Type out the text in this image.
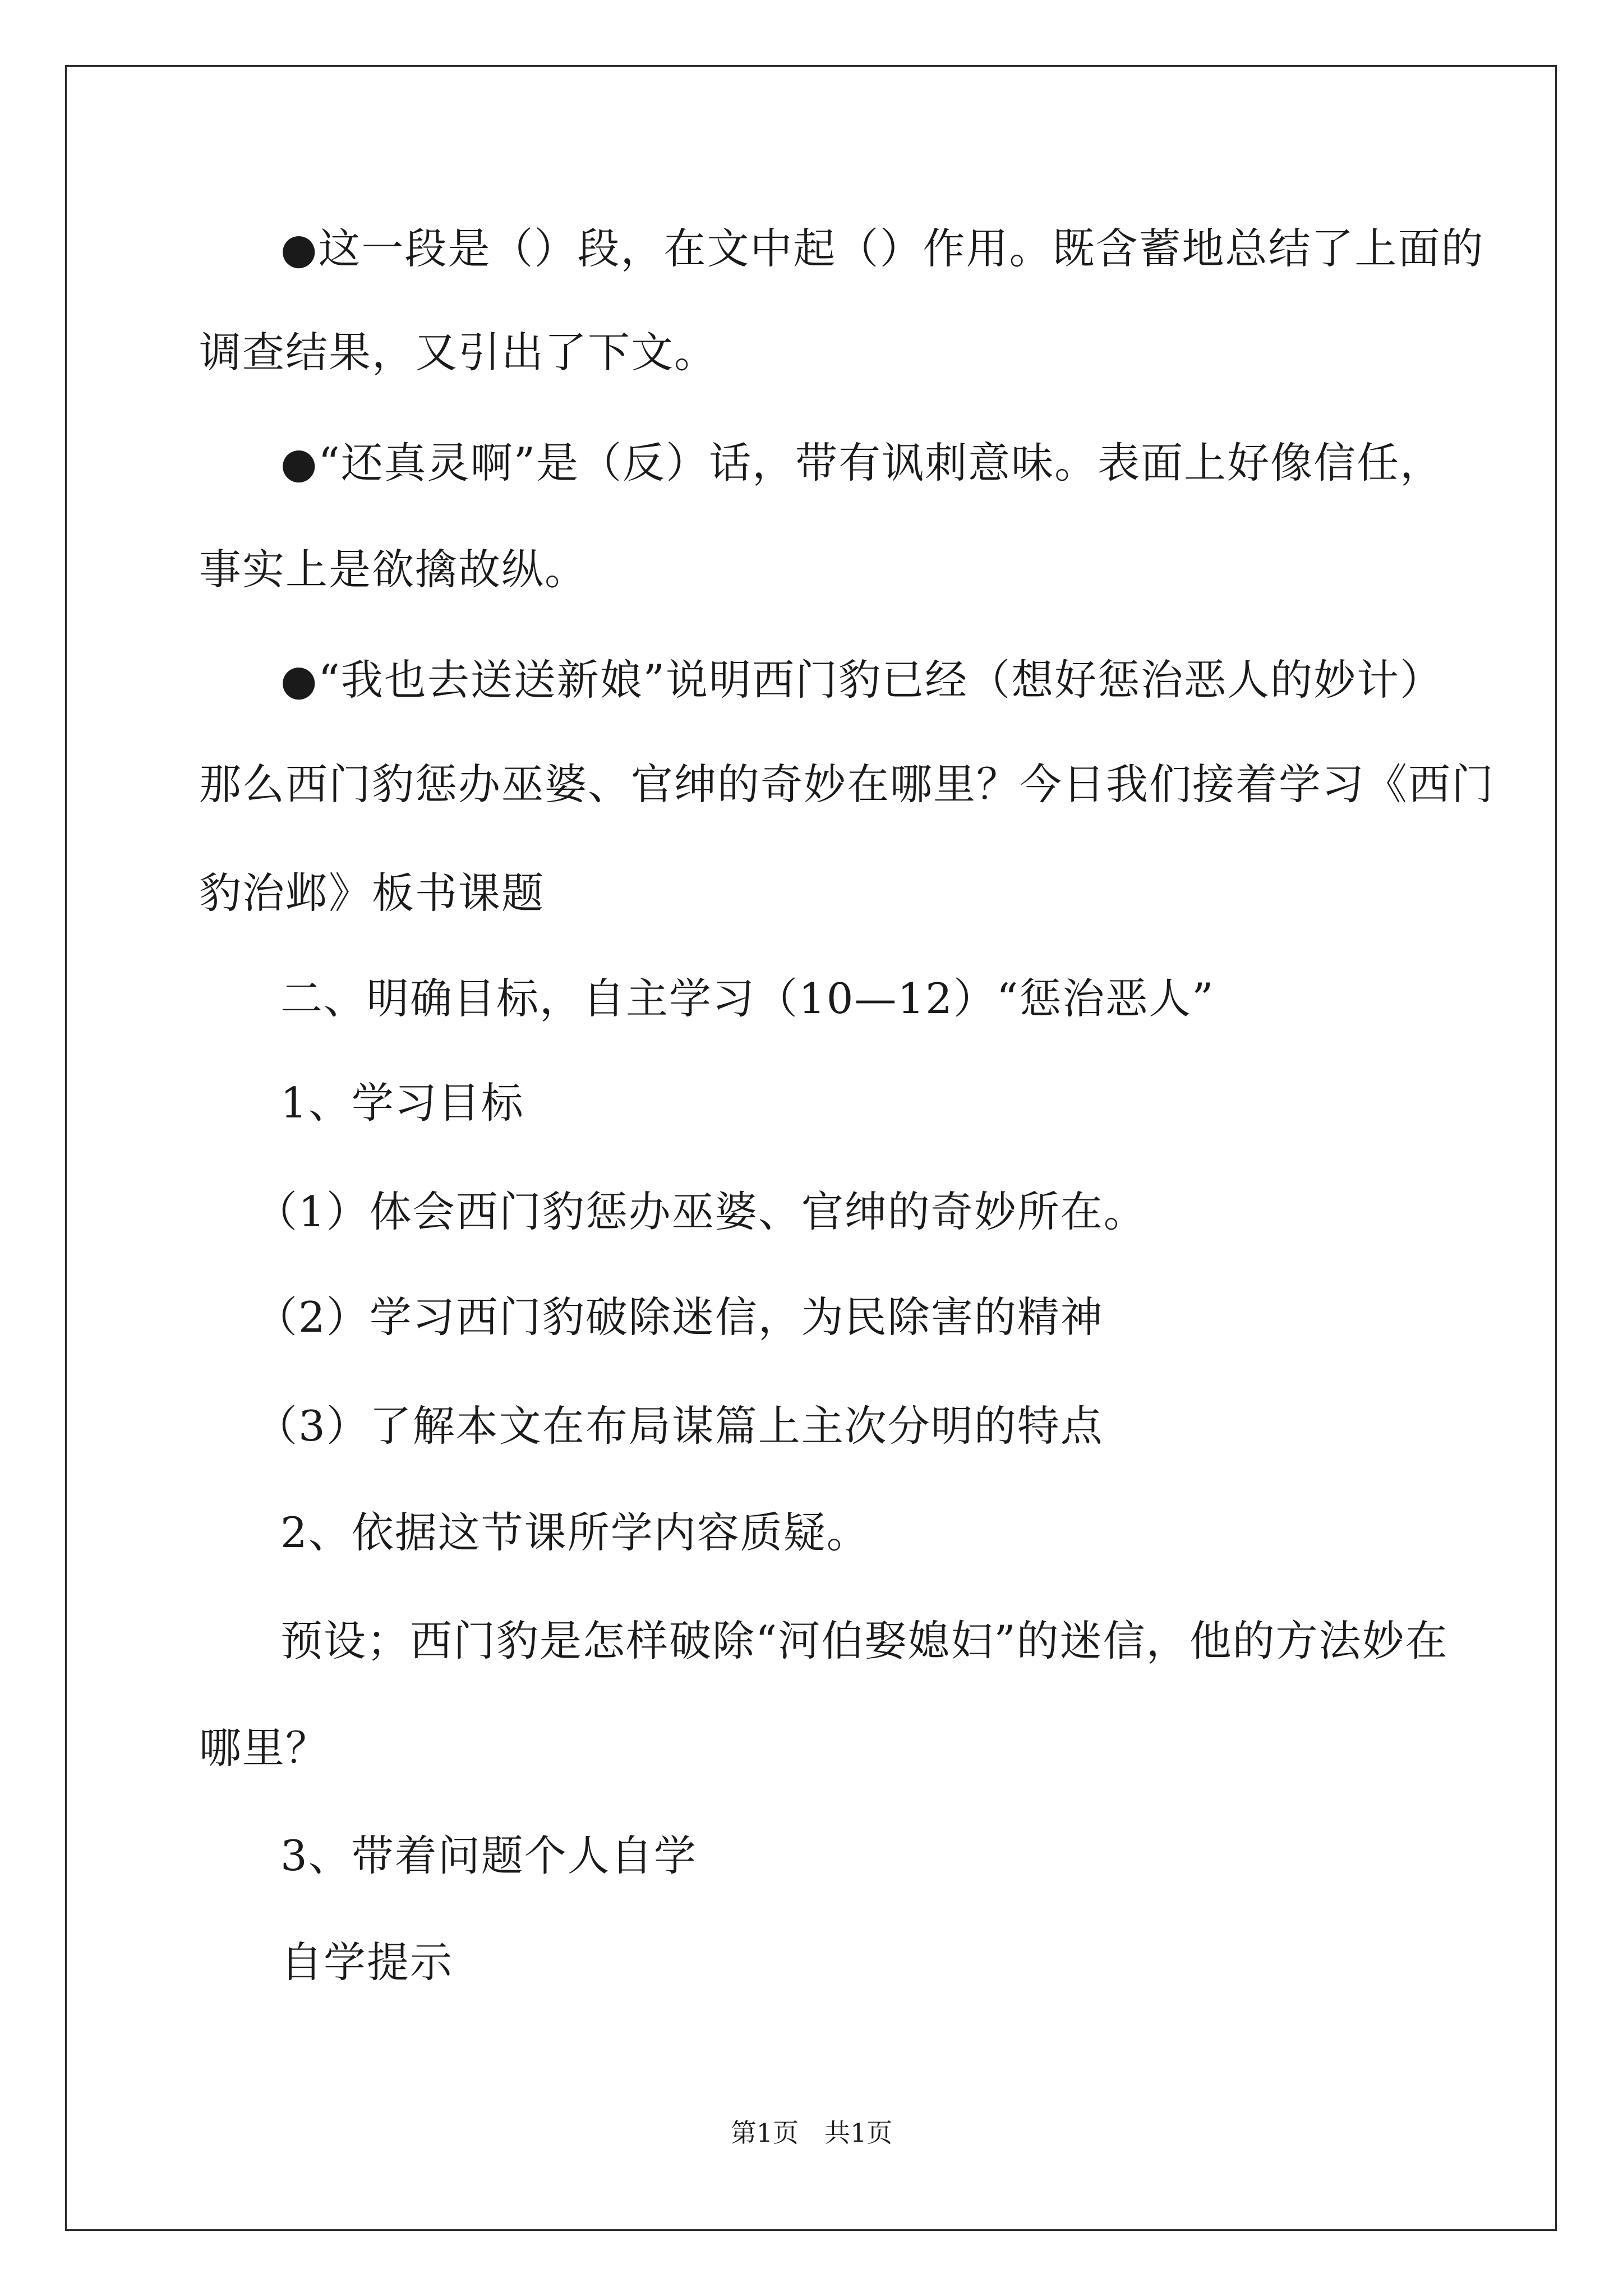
●这一段是（）段，在文中起（）作用。既含蓄地总结了上面的
调查结果，又引出了下文。
●“还真灵啊”是（反）话，带有讽刺意味。表面上好像信任，
事实上是欲擒故纵。
●“我也去送送新娘”说明西门豹已经（想好惩治恶人的妙计）
那么西门豹惩办巫婆、官绅的奇妙在哪里？今日我们接着学习《西门
豹治邺》板书课题
二、明确目标，自主学习（10—12）“惩治恶人”
1、学习目标
（1）体会西门豹惩办巫婆、官绅的奇妙所在。
（2）学习西门豹破除迷信，为民除害的精神
（3）了解本文在布局谋篇上主次分明的特点
2、依据这节课所学内容质疑。
预设；西门豹是怎样破除“河伯娶媳妇”的迷信，他的方法妙在
哪里？
3、带着问题个人自学
自学提示
第1页　共1页
